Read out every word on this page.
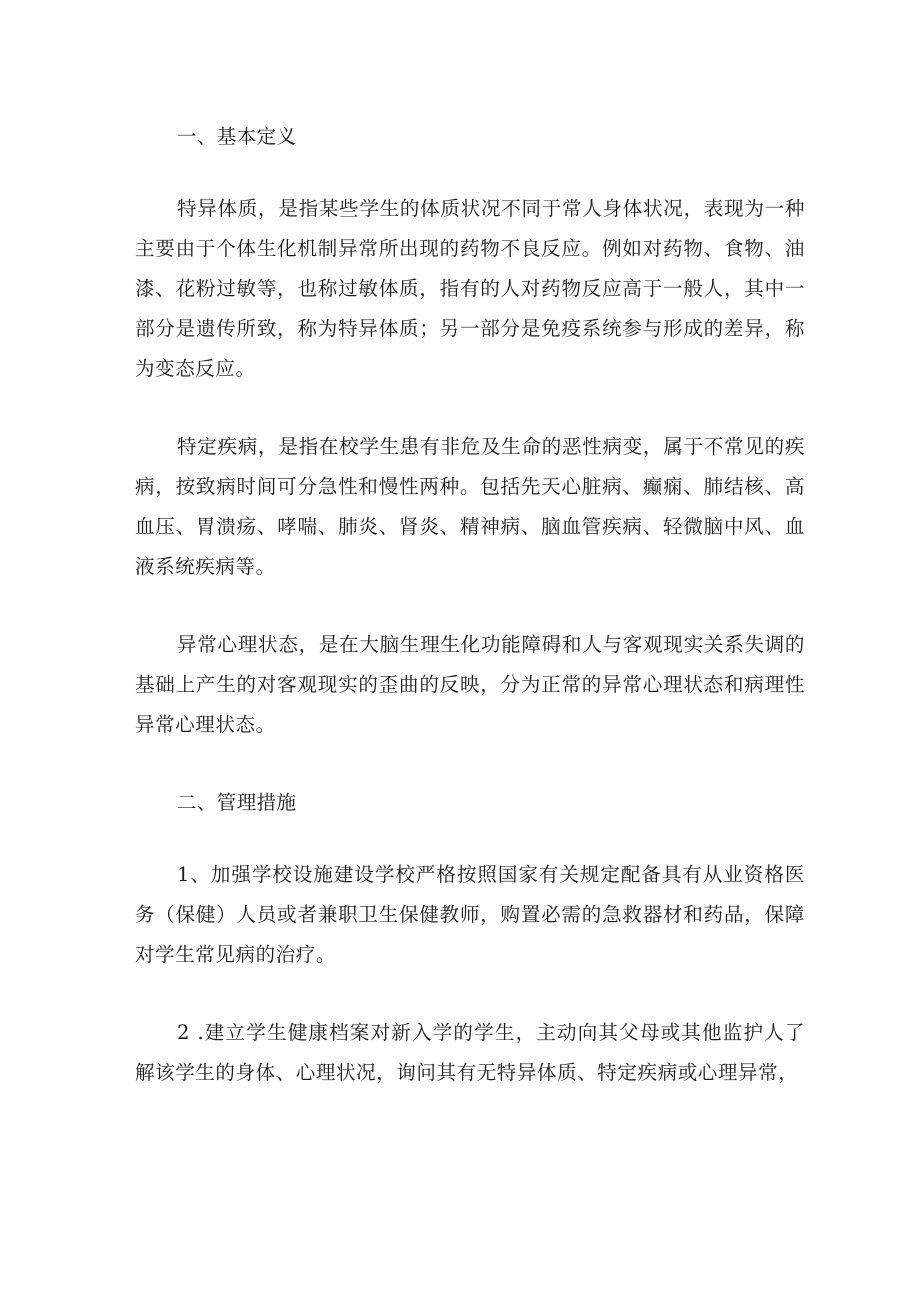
一、基本定义

特异体质，是指某些学生的体质状况不同于常人身体状况，表现为一种主要由于个体生化机制异常所出现的药物不良反应。例如对药物、食物、油漆、花粉过敏等，也称过敏体质，指有的人对药物反应高于一般人，其中一部分是遗传所致，称为特异体质；另一部分是免疫系统参与形成的差异，称为变态反应。

特定疾病，是指在校学生患有非危及生命的恶性病变，属于不常见的疾病，按致病时间可分急性和慢性两种。包括先天心脏病、癫痫、肺结核、高血压、胃溃疡、哮喘、肺炎、肾炎、精神病、脑血管疾病、轻微脑中风、血液系统疾病等。

异常心理状态，是在大脑生理生化功能障碍和人与客观现实关系失调的基础上产生的对客观现实的歪曲的反映，分为正常的异常心理状态和病理性异常心理状态。

二、管理措施

1、加强学校设施建设学校严格按照国家有关规定配备具有从业资格医务（保健）人员或者兼职卫生保健教师，购置必需的急救器材和药品，保障对学生常见病的治疗。

2 .建立学生健康档案对新入学的学生，主动向其父母或其他监护人了解该学生的身体、心理状况，询问其有无特异体质、特定疾病或心理异常，
